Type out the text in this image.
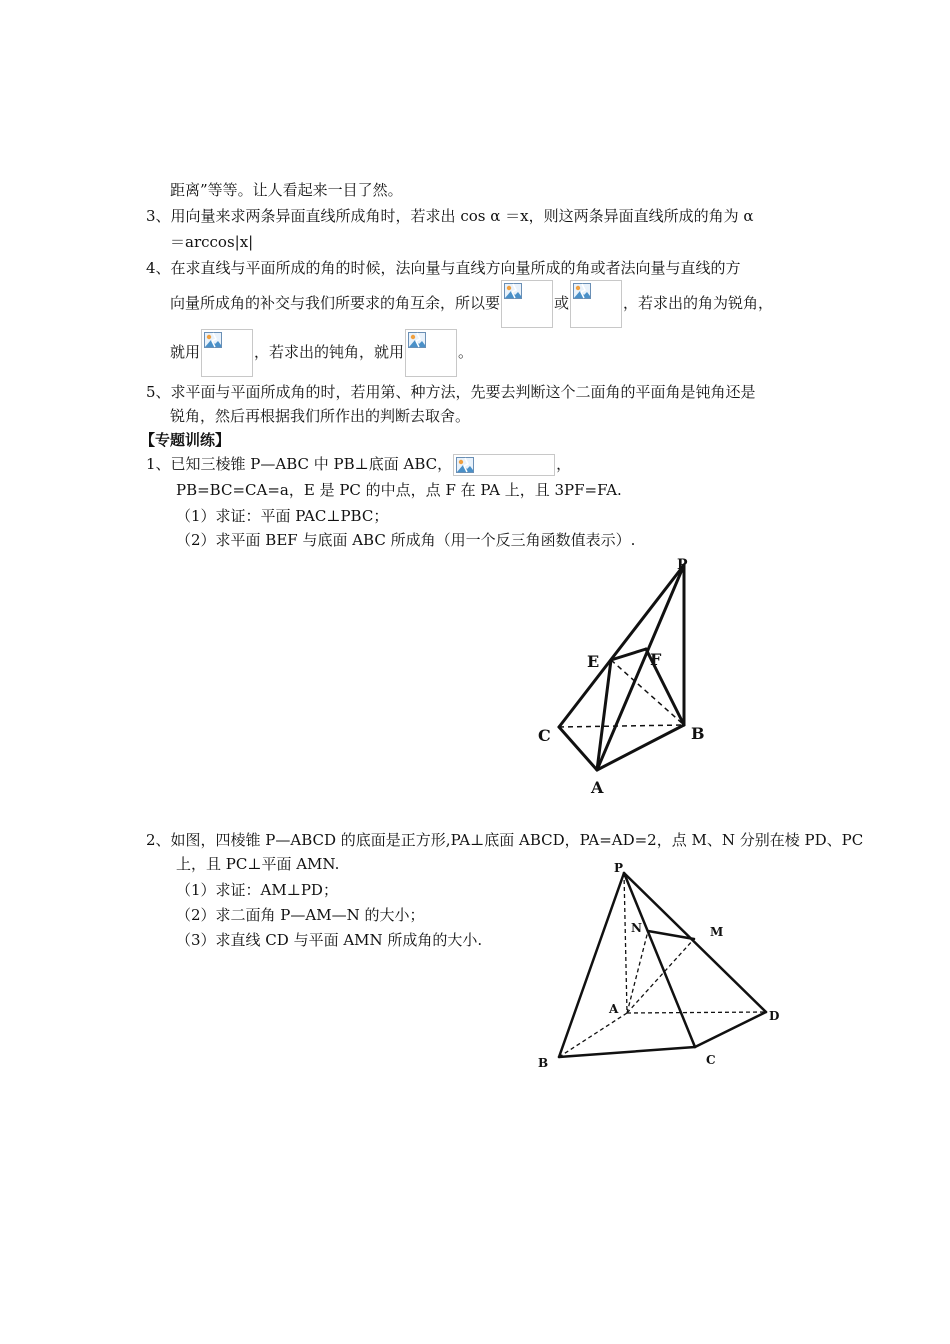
距离”等等。让人看起来一目了然。
3、用向量来求两条异面直线所成角时，若求出 cos α ＝x，则这两条异面直线所成的角为 α
＝arccos|x|
4、在求直线与平面所成的角的时候，法向量与直线方向量所成的角或者法向量与直线的方
向量所成角的补交与我们所要求的角互余，所以要	或	，若求出的角为锐角，
就用	，若求出的钝角，就用	。
5、求平面与平面所成角的时，若用第、种方法，先要去判断这个二面角的平面角是钝角还是
锐角，然后再根据我们所作出的判断去取舍。
【专题训练】
1、已知三棱锥 P—ABC 中 PB⊥底面 ABC，	，
PB=BC=CA=a，E 是 PC 的中点，点 F 在 PA 上，且 3PF=FA.
（1）求证：平面 PAC⊥PBC；
（2）求平面 BEF 与底面 ABC 所成角（用一个反三角函数值表示）.
P
E	F
C	B
A
2、如图，四棱锥 P—ABCD 的底面是正方形,PA⊥底面 ABCD，PA=AD=2，点 M、N 分别在棱 PD、PC
上，且 PC⊥平面 AMN.
（1）求证：AM⊥PD；
（2）求二面角 P—AM—N 的大小；
（3）求直线 CD 与平面 AMN 所成角的大小.
P
N	M
A	D
B	C
